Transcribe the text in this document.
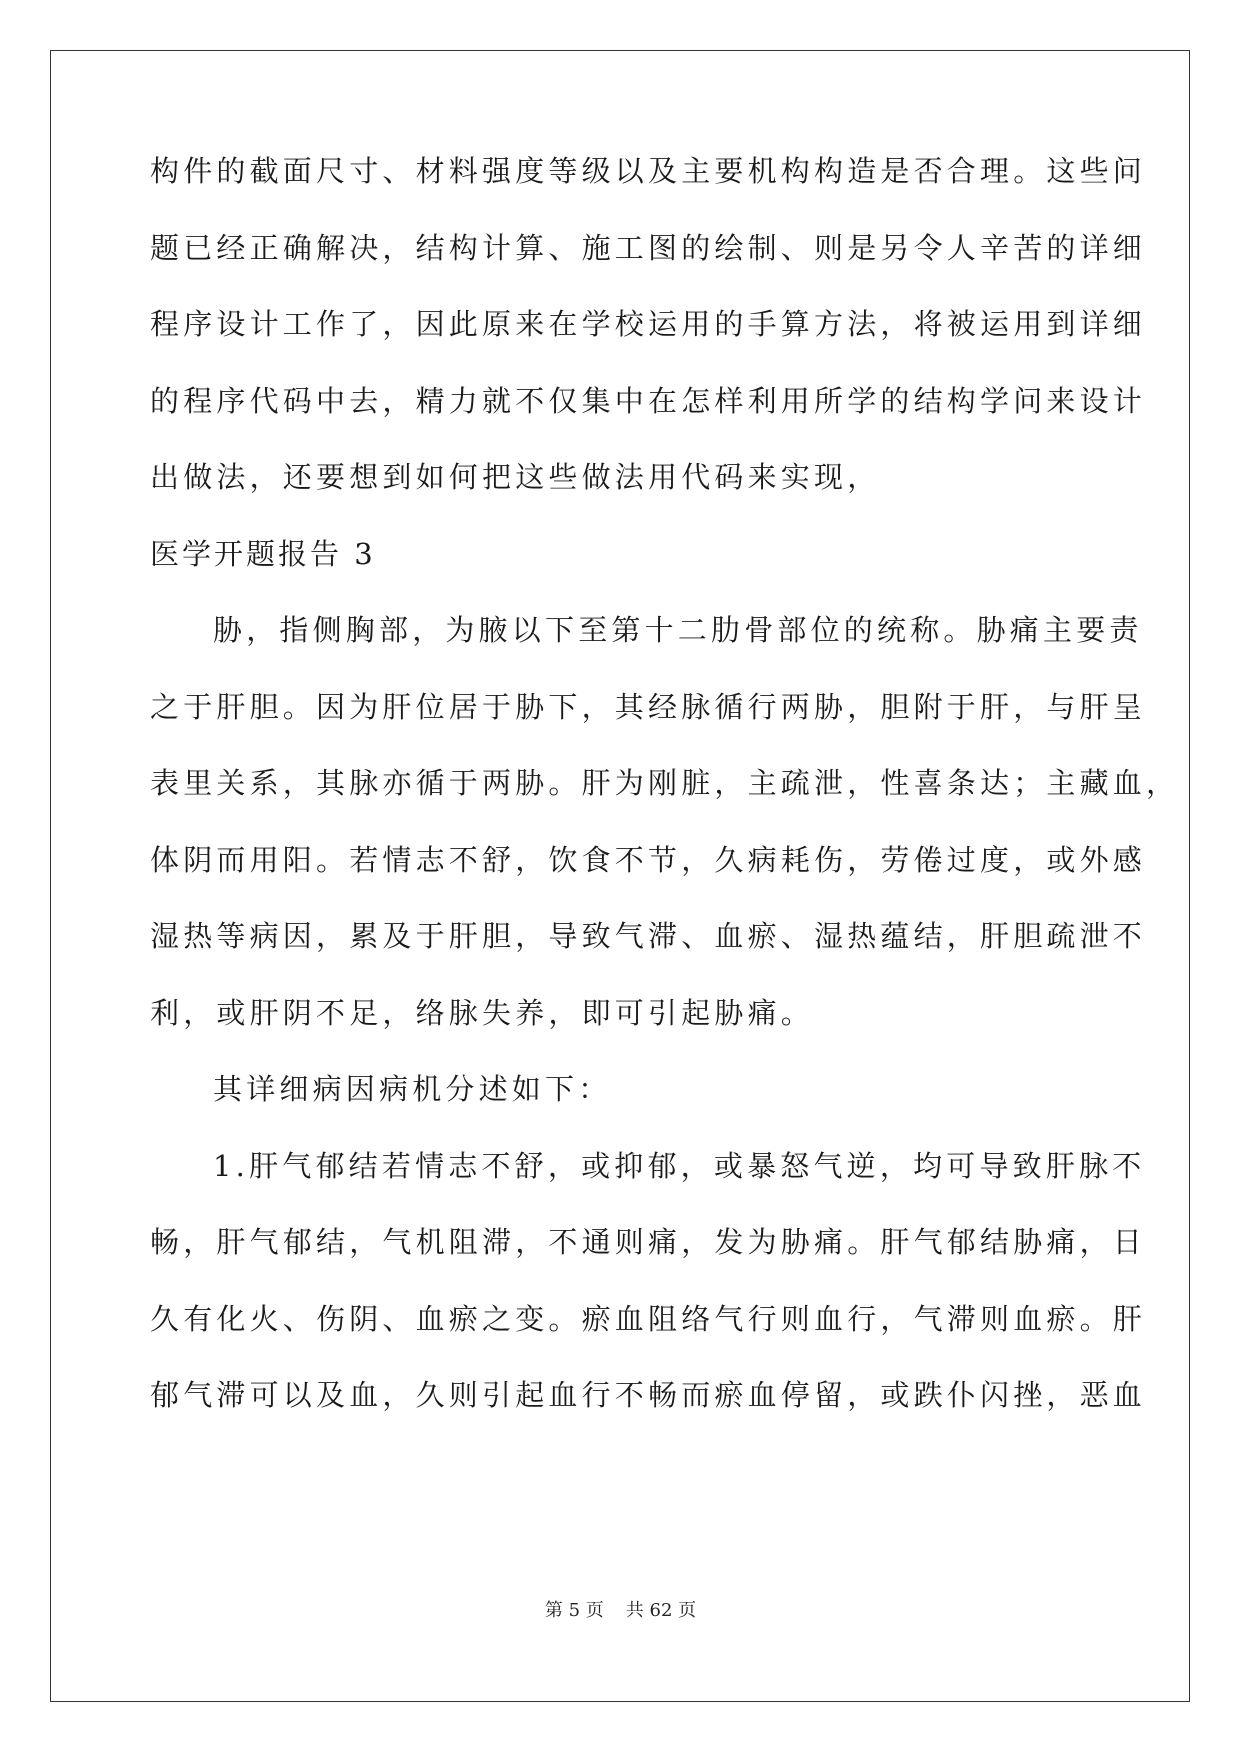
构件的截面尺寸、材料强度等级以及主要机构构造是否合理。这些问

题已经正确解决，结构计算、施工图的绘制、则是另令人辛苦的详细

程序设计工作了，因此原来在学校运用的手算方法，将被运用到详细

的程序代码中去，精力就不仅集中在怎样利用所学的结构学问来设计

出做法，还要想到如何把这些做法用代码来实现，

医学开题报告 3

胁，指侧胸部，为腋以下至第十二肋骨部位的统称。胁痛主要责

之于肝胆。因为肝位居于胁下，其经脉循行两胁，胆附于肝，与肝呈

表里关系，其脉亦循于两胁。肝为刚脏，主疏泄，性喜条达；主藏血，

体阴而用阳。若情志不舒，饮食不节，久病耗伤，劳倦过度，或外感

湿热等病因，累及于肝胆，导致气滞、血瘀、湿热蕴结，肝胆疏泄不

利，或肝阴不足，络脉失养，即可引起胁痛。

其详细病因病机分述如下：

1.肝气郁结若情志不舒，或抑郁，或暴怒气逆，均可导致肝脉不

畅，肝气郁结，气机阻滞，不通则痛，发为胁痛。肝气郁结胁痛，日

久有化火、伤阴、血瘀之变。瘀血阻络气行则血行，气滞则血瘀。肝

郁气滞可以及血，久则引起血行不畅而瘀血停留，或跌仆闪挫，恶血

第 5 页 共 62 页
